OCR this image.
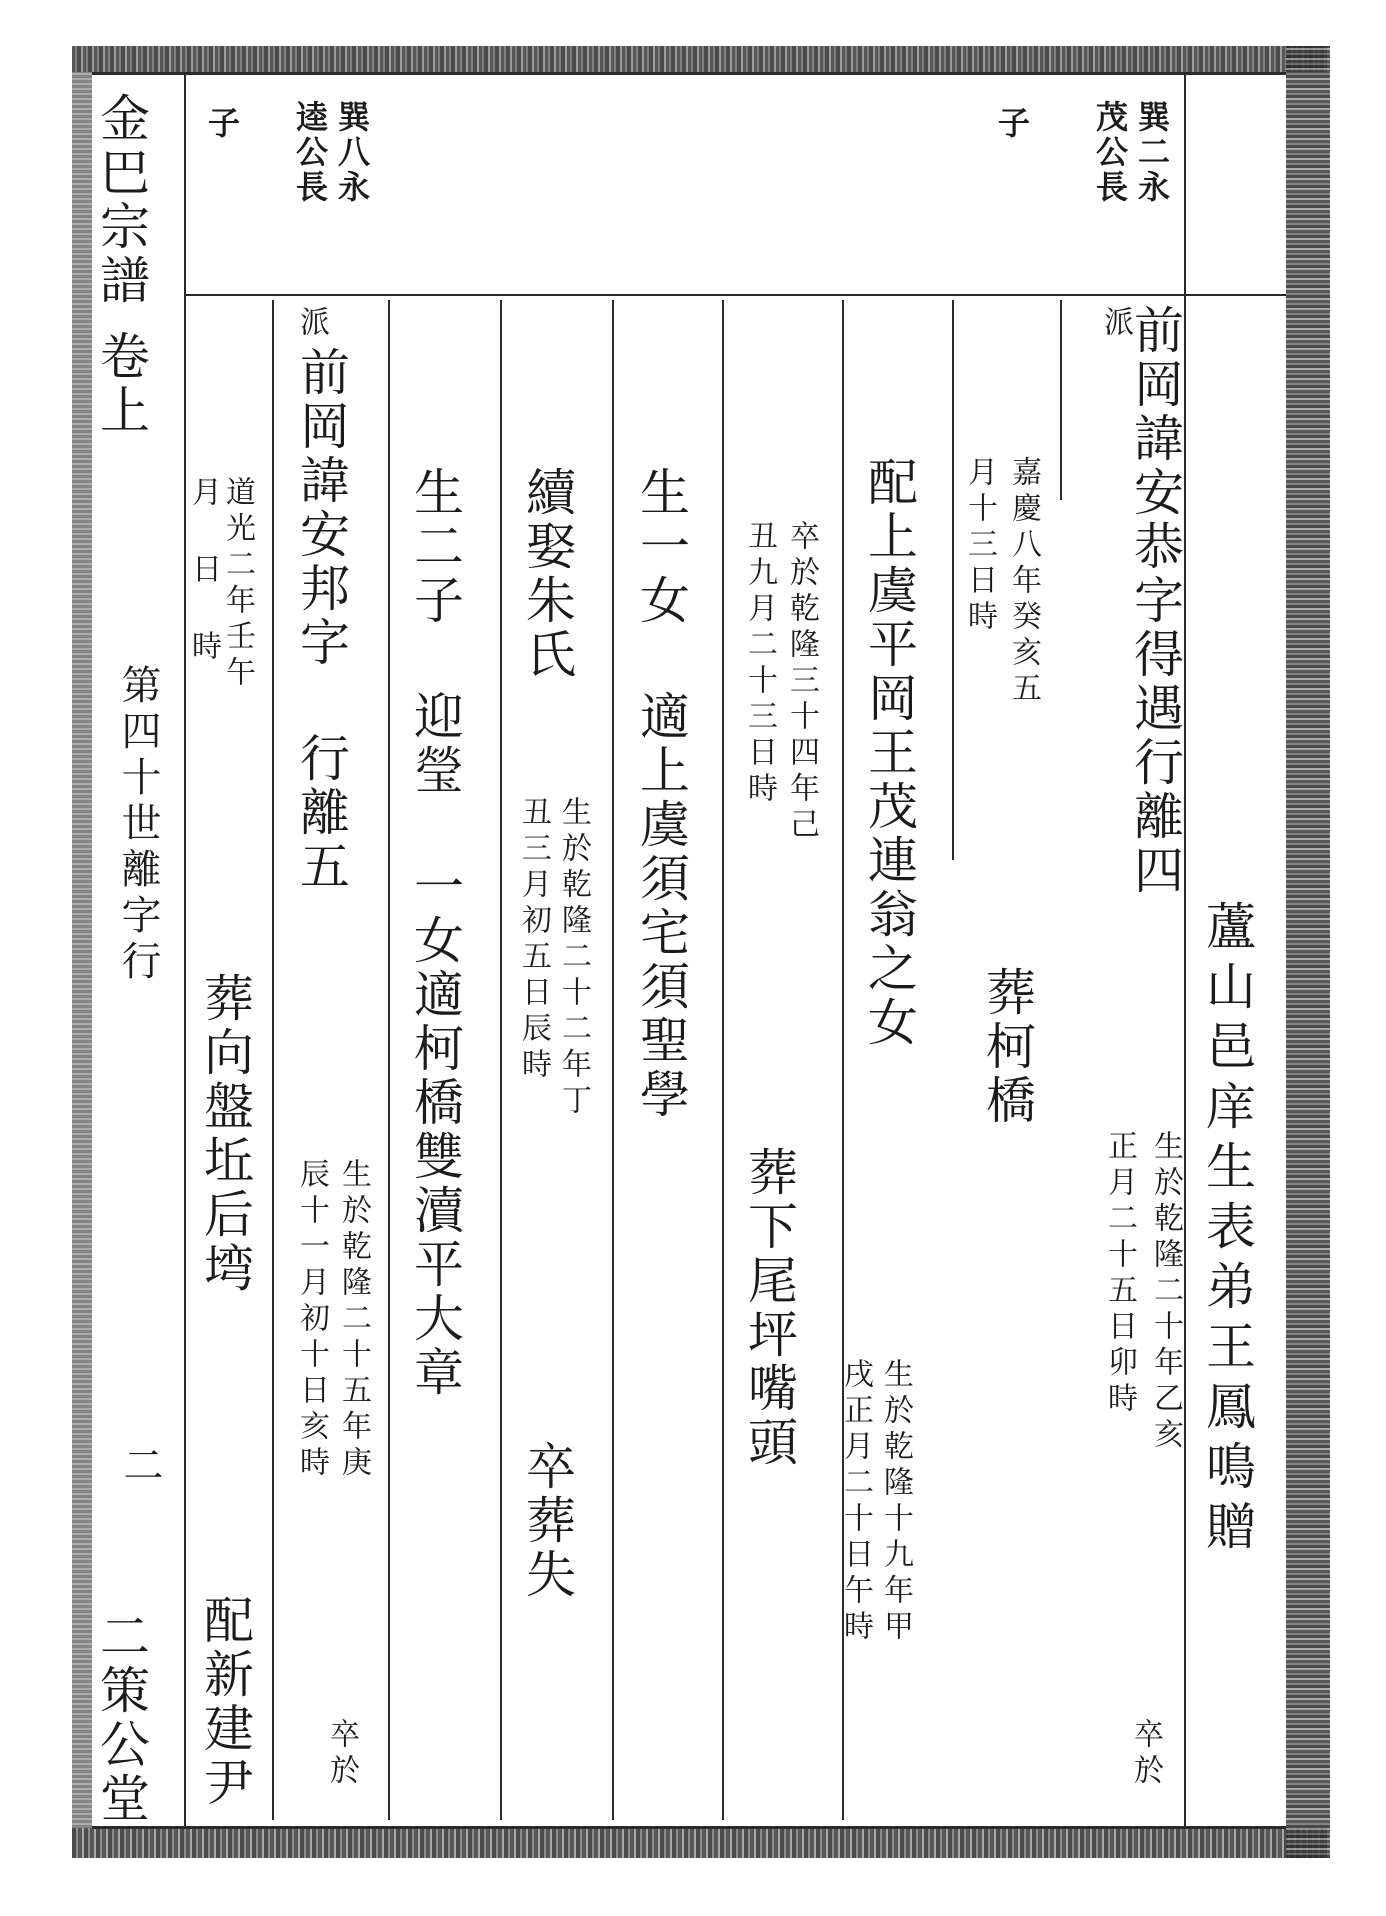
金巴宗譜
卷上
第四十世離字行
二
二策公堂
巽二永
茂公長
子
巽八永
逵公長
子
蘆山邑庠生表弟王鳳鳴贈
派
前岡諱安恭字得遇行離四
生於乾隆二十年乙亥
正月二十五日卯時
卒於
嘉慶八年癸亥五
月十三日時
葬柯橋
配上虞平岡王茂連翁之女
生於乾隆十九年甲
戌正月二十日午時
卒於乾隆三十四年己
丑九月二十三日時
葬下尾坪嘴頭
生一女 適上虞須宅須聖學
續娶朱氏
生於乾隆二十二年丁
丑三月初五日辰時
卒葬失
生二子 迎瑩 一女適柯橋雙瀆平大章
派
前岡諱安邦字 行離五
生於乾隆二十五年庚
辰十一月初十日亥時
卒於
道光二年壬午
月 日 時
葬向盤坵后塆
配新建尹
